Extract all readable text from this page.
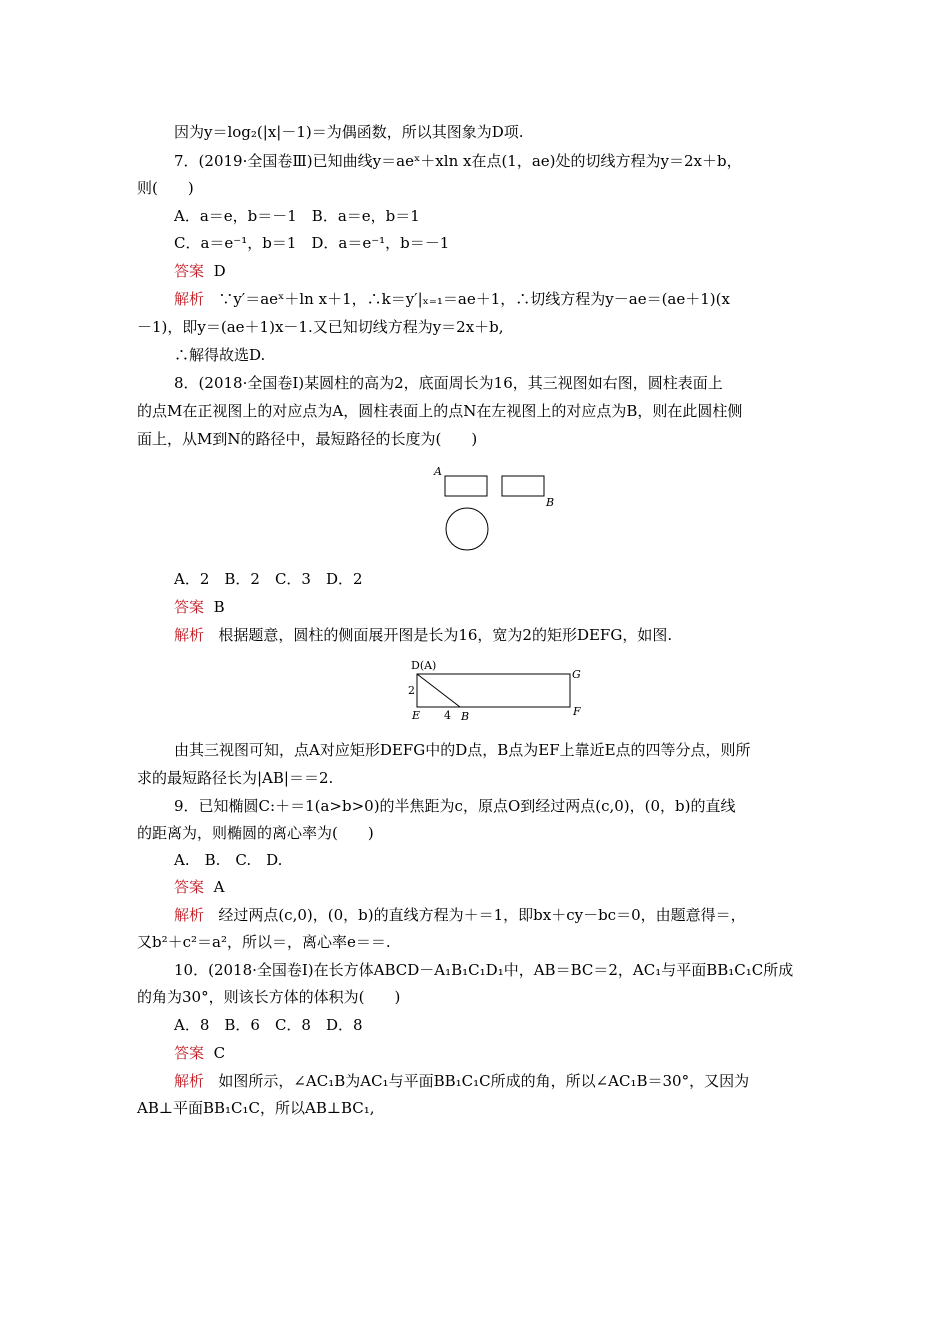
因为y＝log₂(|x|－1)＝为偶函数，所以其图象为D项.
7．(2019·全国卷Ⅲ)已知曲线y＝aeˣ＋xln x在点(1，ae)处的切线方程为y＝2x＋b，
则(　　)
A．a＝e，b＝－1　B．a＝e，b＝1
C．a＝e⁻¹，b＝1　D．a＝e⁻¹，b＝－1
答案 D
解析 ∵y′＝aeˣ＋ln x＋1，∴k＝y′|ₓ₌₁＝ae＋1，∴切线方程为y－ae＝(ae＋1)(x
－1)，即y＝(ae＋1)x－1.又已知切线方程为y＝2x＋b,
∴解得故选D.
8．(2018·全国卷Ⅰ)某圆柱的高为2，底面周长为16，其三视图如右图，圆柱表面上
的点M在正视图上的对应点为A，圆柱表面上的点N在左视图上的对应点为B，则在此圆柱侧
面上，从M到N的路径中，最短路径的长度为(　　)
A
B
A．2　B．2　C．3　D．2
答案 B
解析 根据题意，圆柱的侧面展开图是长为16，宽为2的矩形DEFG，如图.
D(A)
G
2
E 4 B	F
由其三视图可知，点A对应矩形DEFG中的D点，B点为EF上靠近E点的四等分点，则所
求的最短路径长为|AB|＝＝2.
9．已知椭圆C:＋＝1(a>b>0)的半焦距为c，原点O到经过两点(c,0)，(0，b)的直线
的距离为，则椭圆的离心率为(　　)
A.　B.　C.　D.
答案 A
解析 经过两点(c,0)，(0，b)的直线方程为＋＝1，即bx＋cy－bc＝0，由题意得＝，
又b²＋c²＝a²，所以＝，离心率e＝＝.
10．(2018·全国卷Ⅰ)在长方体ABCD－A₁B₁C₁D₁中，AB＝BC＝2，AC₁与平面BB₁C₁C所成
的角为30°，则该长方体的体积为(　　)
A．8　B．6　C．8　D．8
答案 C
解析 如图所示，∠AC₁B为AC₁与平面BB₁C₁C所成的角，所以∠AC₁B＝30°，又因为
AB⊥平面BB₁C₁C，所以AB⊥BC₁,
